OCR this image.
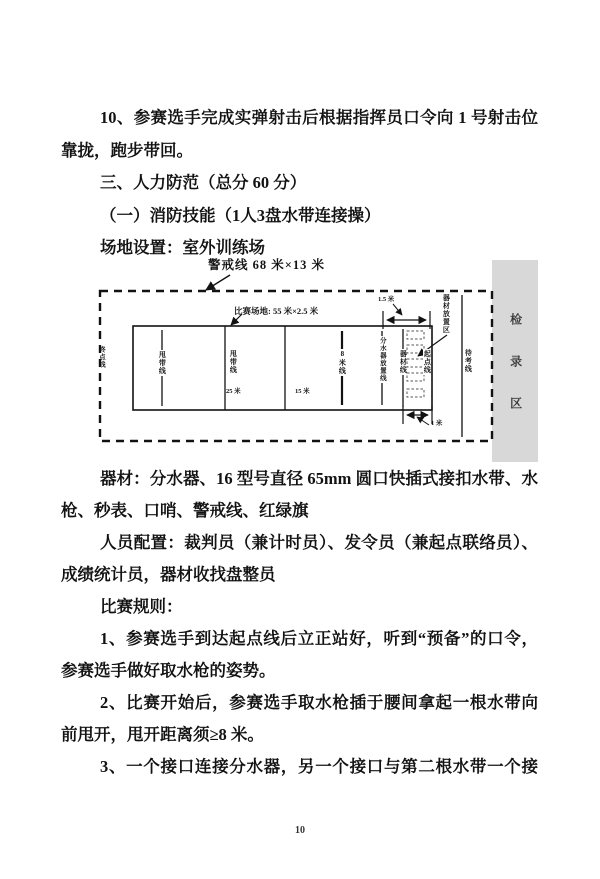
10、参赛选手完成实弹射击后根据指挥员口令向 1 号射击位
靠拢，跑步带回。
三、人力防范（总分 60 分）
（一）消防技能（1人3盘水带连接操）
场地设置：室外训练场
警戒线 68 米×13 米
比赛场地: 55 米×2.5 米
检录区
终点线	甩带线	甩带线
25 米	15 米
8米线	分水器放置线 器材线 起点线	待考线
器材放置区
1.5 米
1 米
器材：分水器、16 型号直径 65mm 圆口快插式接扣水带、水
枪、秒表、口哨、警戒线、红绿旗
人员配置：裁判员（兼计时员）、发令员（兼起点联络员）、
成绩统计员，器材收找盘整员
比赛规则：
1、参赛选手到达起点线后立正站好，听到“预备”的口令，
参赛选手做好取水枪的姿势。
2、比赛开始后，参赛选手取水枪插于腰间拿起一根水带向
前甩开，甩开距离须≥8 米。
3、一个接口连接分水器，另一个接口与第二根水带一个接
10
